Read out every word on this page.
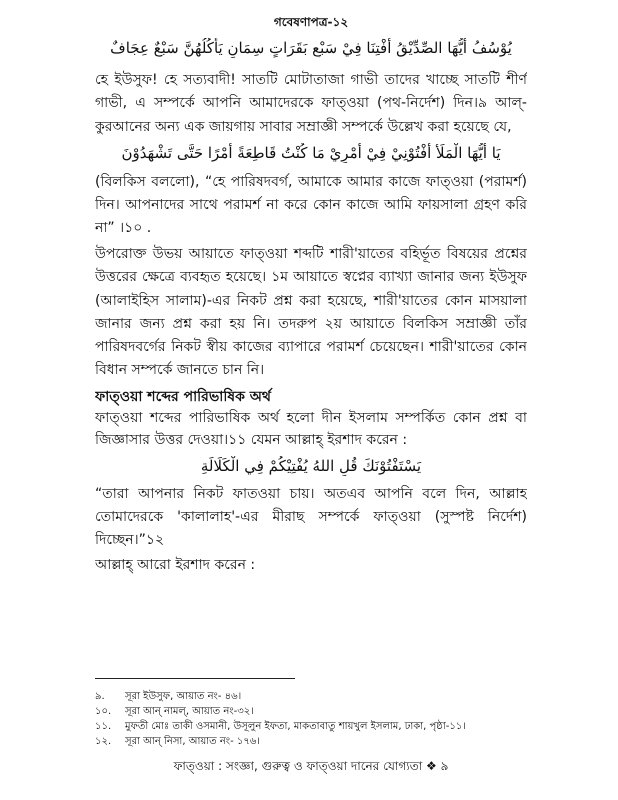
গবেষণাপত্র-১২
يُوْسُفُ أَيُّهَا الصِّدِّيْقُ أَفْتِنَا فِيْ سَبْعِ بَقَرَاتٍ سِمَانٍ يَأْكُلُهُنَّ سَبْعٌ عِجَافٌ
হে ইউসুফ! হে সত্যবাদী! সাতটি মোটাতাজা গাভী তাদের খাচ্ছে সাতটি শীর্ণ
গাভী, এ সম্পর্কে আপনি আমাদেরকে ফাত্ওয়া (পথ-নির্দেশ) দিন।৯ আল্-
কুরআনের অন্য এক জায়গায় সাবার সম্রাজ্ঞী সম্পর্কে উল্লেখ করা হয়েছে যে,
يَا أَيُّهَا الْمَلَأُ أَفْتُوْنِيْ فِيْ أَمْرِيْ مَا كُنْتُ قَاطِعَةً أَمْرًا حَتَّى تَشْهَدُوْنَ
(বিলকিস বললো), “হে পারিষদবর্গ, আমাকে আমার কাজে ফাত্ওয়া (পরামর্শ)
দিন। আপনাদের সাথে পরামর্শ না করে কোন কাজে আমি ফায়সালা গ্রহণ করি
না” ।১০ .
উপরোক্ত উভয় আয়াতে ফাত্ওয়া শব্দটি শারী'য়াতের বহির্ভূত বিষয়ের প্রশ্নের
উত্তরের ক্ষেত্রে ব্যবহৃত হয়েছে। ১ম আয়াতে স্বপ্নের ব্যাখ্যা জানার জন্য ইউসুফ
(আলাইহিস সালাম)-এর নিকট প্রশ্ন করা হয়েছে, শারী'য়াতের কোন মাসয়ালা
জানার জন্য প্রশ্ন করা হয় নি। তদরুপ ২য় আয়াতে বিলকিস সম্রাজ্ঞী তাঁর
পারিষদবর্গের নিকট স্বীয় কাজের ব্যাপারে পরামর্শ চেয়েছেন। শারী'য়াতের কোন
বিধান সম্পর্কে জানতে চান নি।
ফাত্ওয়া শব্দের পারিভাষিক অর্থ
ফাত্ওয়া শব্দের পারিভাষিক অর্থ হলো দীন ইসলাম সম্পর্কিত কোন প্রশ্ন বা
জিজ্ঞাসার উত্তর দেওয়া।১১ যেমন আল্লাহ্ ইরশাদ করেন :
يَسْتَفْتُوْنَكَ قُلِ اللهُ يُفْتِيْكُمْ فِي الْكَلَالَةِ
“তারা আপনার নিকট ফাতওয়া চায়। অতএব আপনি বলে দিন, আল্লাহ
তোমাদেরকে 'কালালাহ'-এর মীরাছ সম্পর্কে ফাত্ওয়া (সুস্পষ্ট নির্দেশ)
দিচ্ছেন।”১২
আল্লাহ্ আরো ইরশাদ করেন :
৯. সূরা ইউসুফ, আয়াত নং- ৪৬।
১০. সূরা আন্ নামল্, আয়াত নং-৩২।
১১. মুফতী মোঃ তাকী ওসমানী, উসূলুন ইফতা, মাকতাবাতু শায়খুল ইসলাম, ঢাকা, পৃষ্ঠা-১১।
১২. সূরা আন্ নিসা, আয়াত নং- ১৭৬।
ফাত্ওয়া : সংজ্ঞা, গুরুত্ব ও ফাত্ওয়া দানের যোগ্যতা ❖ ৯
